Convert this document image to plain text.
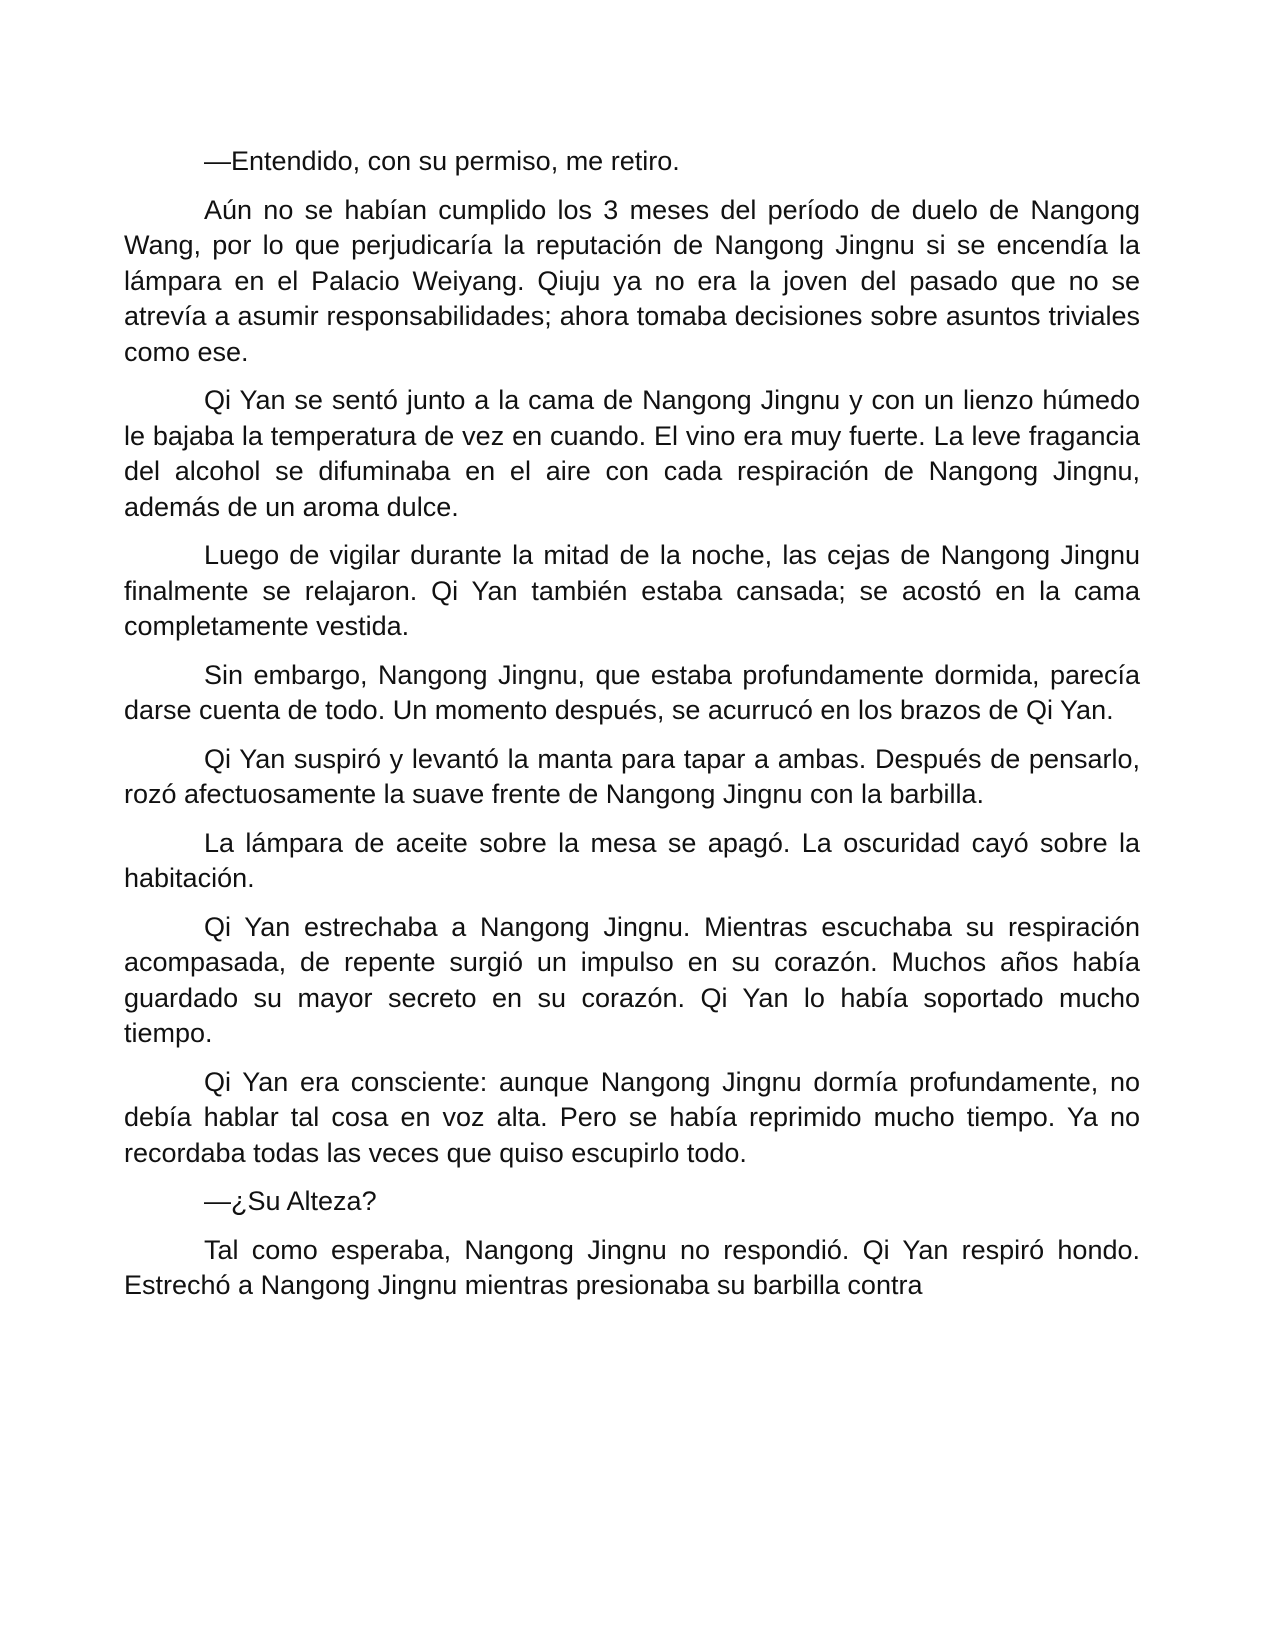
—Entendido, con su permiso, me retiro.

Aún no se habían cumplido los 3 meses del período de duelo de Nangong Wang, por lo que perjudicaría la reputación de Nangong Jingnu si se encendía la lámpara en el Palacio Weiyang. Qiuju ya no era la joven del pasado que no se atrevía a asumir responsabilidades; ahora tomaba decisiones sobre asuntos triviales como ese.

Qi Yan se sentó junto a la cama de Nangong Jingnu y con un lienzo húmedo le bajaba la temperatura de vez en cuando. El vino era muy fuerte. La leve fragancia del alcohol se difuminaba en el aire con cada respiración de Nangong Jingnu, además de un aroma dulce.

Luego de vigilar durante la mitad de la noche, las cejas de Nangong Jingnu finalmente se relajaron. Qi Yan también estaba cansada; se acostó en la cama completamente vestida.

Sin embargo, Nangong Jingnu, que estaba profundamente dormida, parecía darse cuenta de todo. Un momento después, se acurrucó en los brazos de Qi Yan.

Qi Yan suspiró y levantó la manta para tapar a ambas. Después de pensarlo, rozó afectuosamente la suave frente de Nangong Jingnu con la barbilla.

La lámpara de aceite sobre la mesa se apagó. La oscuridad cayó sobre la habitación.

Qi Yan estrechaba a Nangong Jingnu. Mientras escuchaba su respiración acompasada, de repente surgió un impulso en su corazón. Muchos años había guardado su mayor secreto en su corazón. Qi Yan lo había soportado mucho tiempo.

Qi Yan era consciente: aunque Nangong Jingnu dormía profundamente, no debía hablar tal cosa en voz alta. Pero se había reprimido mucho tiempo. Ya no recordaba todas las veces que quiso escupirlo todo.

—¿Su Alteza?

Tal como esperaba, Nangong Jingnu no respondió. Qi Yan respiró hondo. Estrechó a Nangong Jingnu mientras presionaba su barbilla contra
